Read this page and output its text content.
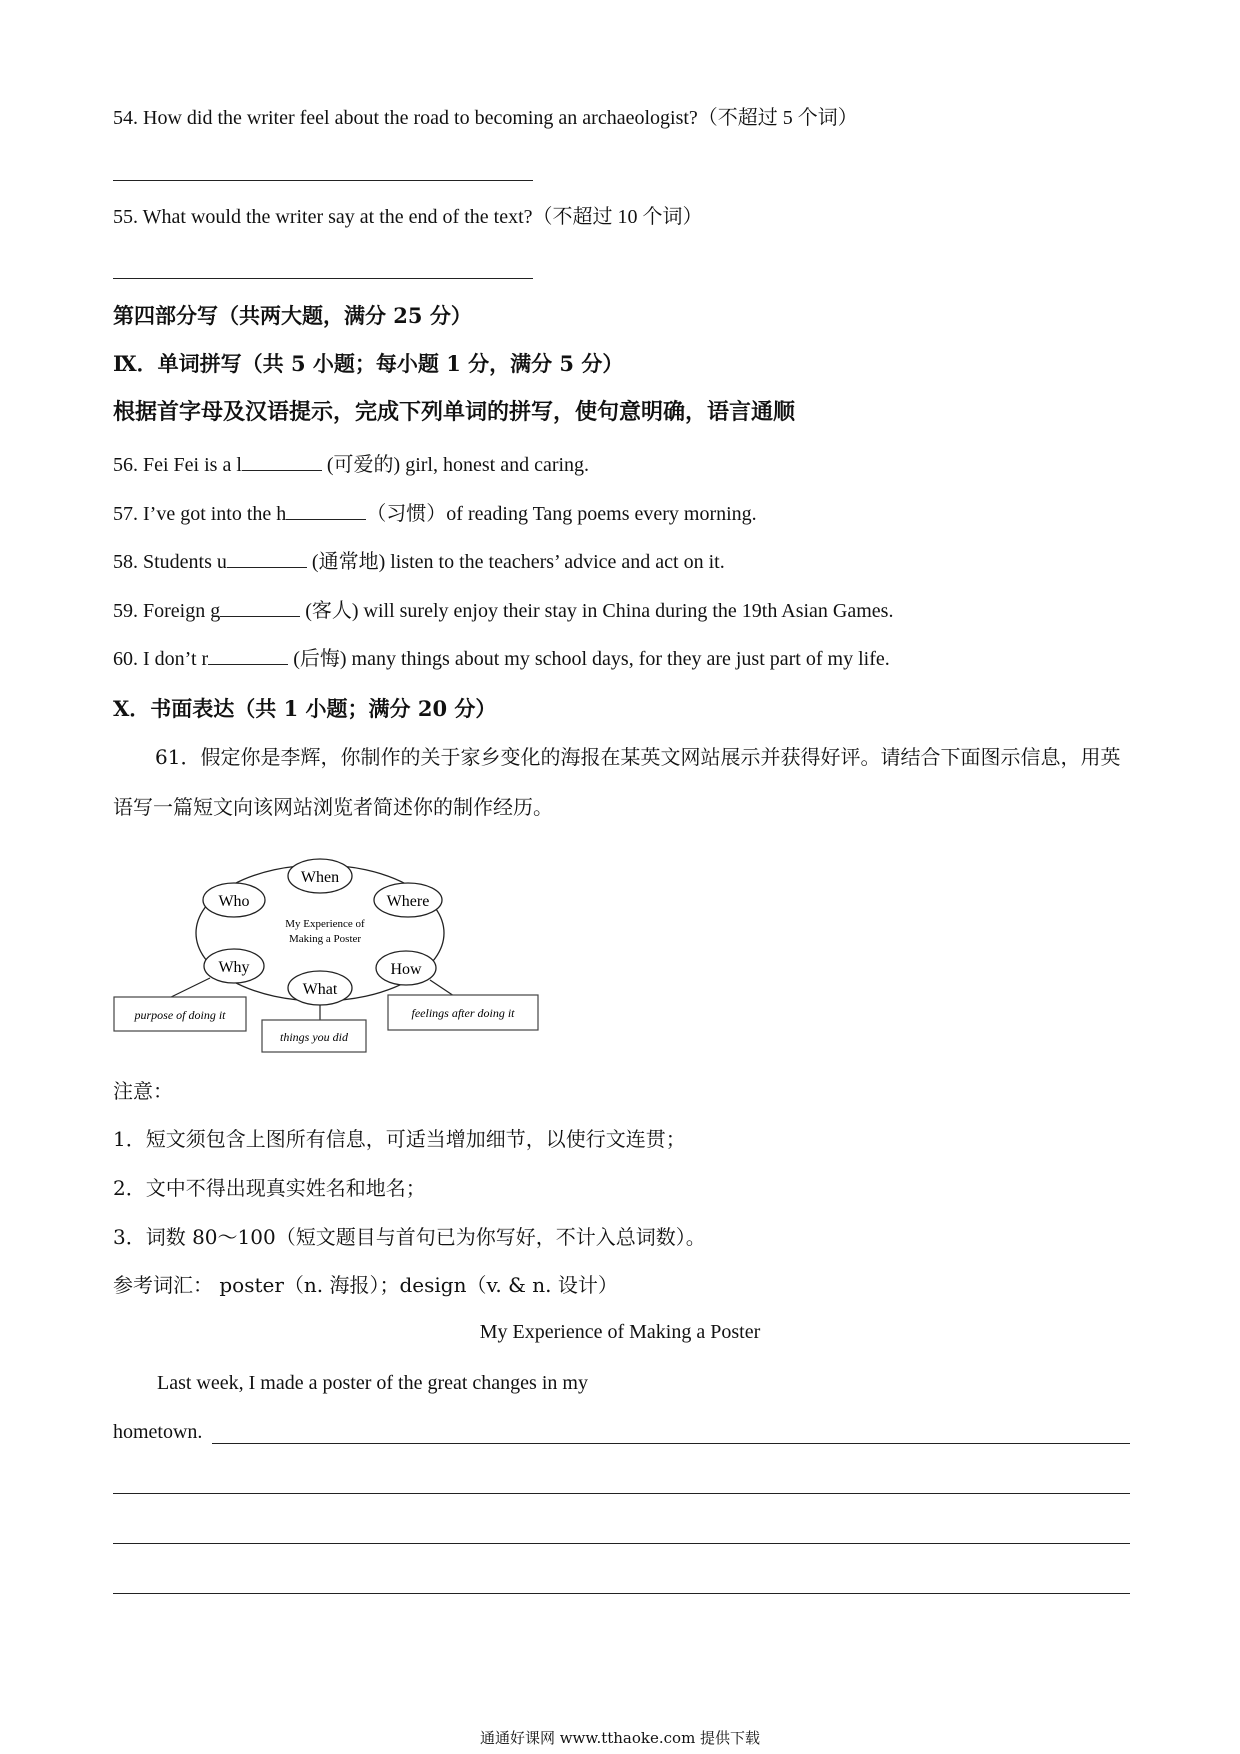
54. How did the writer feel about the road to becoming an archaeologist?（不超过 5 个词）
55. What would the writer say at the end of the text?（不超过 10 个词）
第四部分写（共两大题，满分 25 分）
Ⅸ．单词拼写（共 5 小题；每小题 1 分，满分 5 分）
根据首字母及汉语提示，完成下列单词的拼写，使句意明确，语言通顺
56. Fei Fei is a l	(可爱的) girl, honest and caring.
57. I’ve got into the h	（习惯）of reading Tang poems every morning.
58. Students u	(通常地) listen to the teachers’ advice and act on it.
59. Foreign g	(客人) will surely enjoy their stay in China during the 19th Asian Games.
60. I don’t r	(后悔) many things about my school days, for they are just part of my life.
Ⅹ．书面表达（共 1 小题；满分 20 分）
61．假定你是李辉，你制作的关于家乡变化的海报在某英文网站展示并获得好评。请结合下面图示信息，用英语写一篇短文向该网站浏览者简述你的制作经历。
When
Who	Where
Why	How
What
My Experience of
Making a Poster
purpose of doing it
things you did
feelings after doing it
注意：
1．短文须包含上图所有信息，可适当增加细节，以使行文连贯；
2．文中不得出现真实姓名和地名；
3．词数 80～100（短文题目与首句已为你写好，不计入总词数）。
参考词汇： poster（n. 海报）；design（v. & n. 设计）
My Experience of Making a Poster
Last week, I made a poster of the great changes in my
hometown.
通通好课网 www.tthaoke.com 提供下载
